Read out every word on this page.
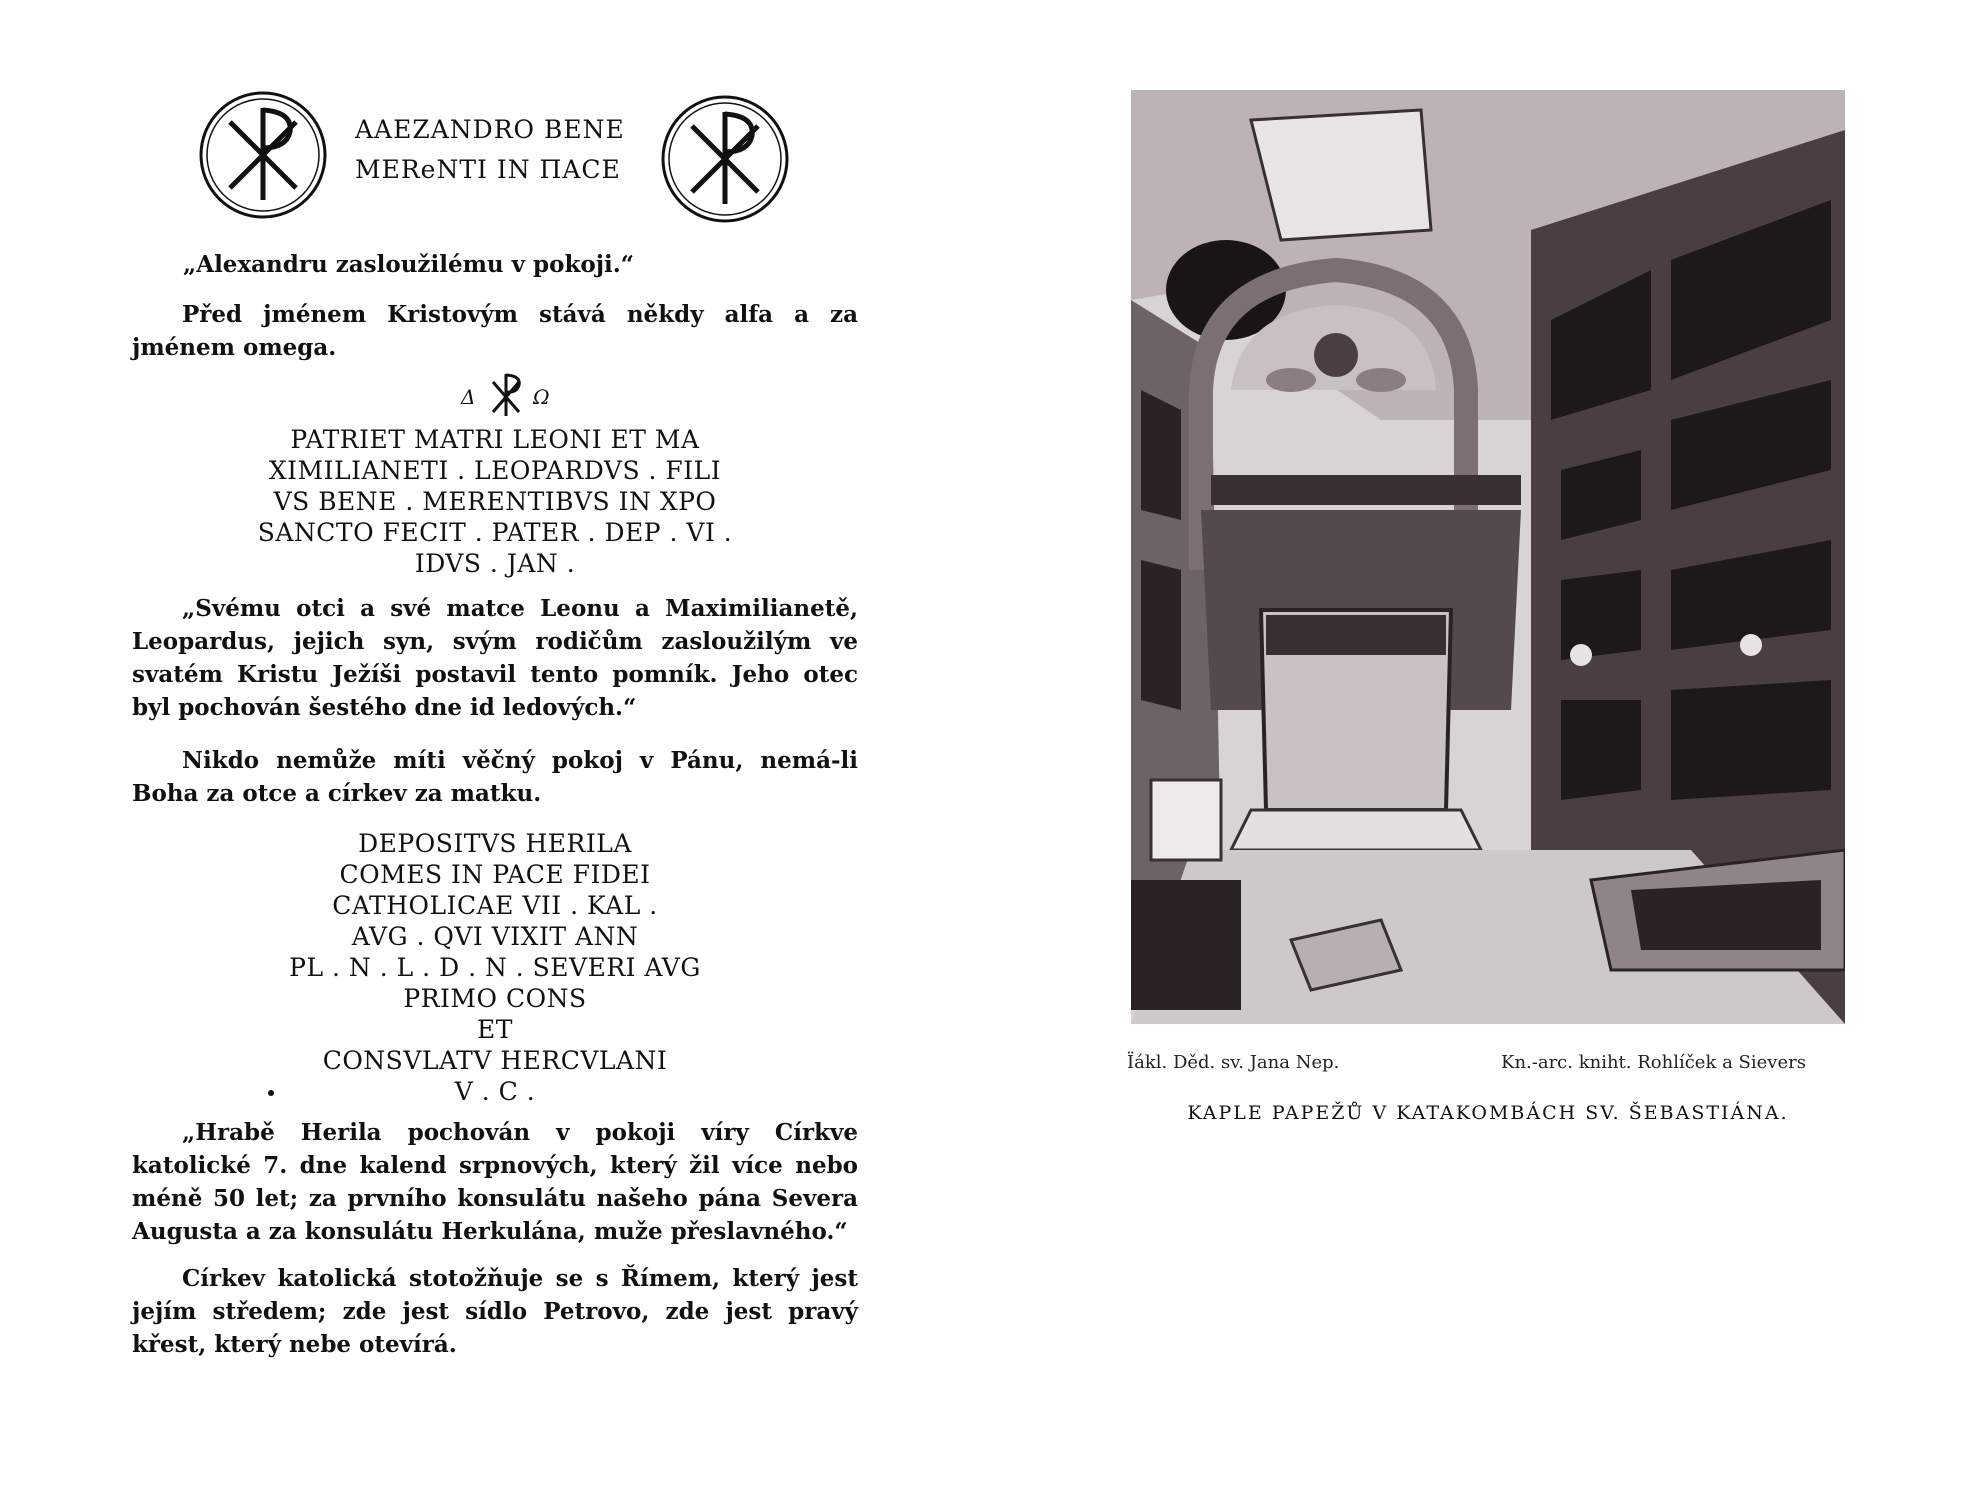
AAEZANDRO BENE
MEReNTI IN ΠACE
„Alexandru zasloužilému v pokoji.“
Před jménem Kristovým stává někdy alfa a za jménem omega.
Δ	Ω
PATRIET MATRI LEONI ET MA
XIMILIANETI . LEOPARDVS . FILI
VS BENE . MERENTIBVS IN XPO
SANCTO FECIT . PATER . DEP . VI .
IDVS . JAN .
„Svému otci a své matce Leonu a Maximilianetě, Leopardus, jejich syn, svým rodičům zasloužilým ve svatém Kristu Ježíši postavil tento pomník. Jeho otec byl pochován šestého dne id ledových.“
Nikdo nemůže míti věčný pokoj v Pánu, nemá-li Boha za otce a církev za matku.
DEPOSITVS HERILA
COMES IN PACE FIDEI
CATHOLICAE VII . KAL .
AVG . QVI VIXIT ANN
PL . N . L . D . N . SEVERI AVG
PRIMO CONS
ET
CONSVLATV HERCVLANI
V . C .
„Hrabě Herila pochován v pokoji víry Církve katolické 7. dne kalend srpnových, který žil více nebo méně 50 let; za prvního konsulátu našeho pána Severa Augusta a za konsulátu Herkulána, muže přeslavného.“
Církev katolická stotožňuje se s Římem, který jest jejím středem; zde jest sídlo Petrovo, zde jest pravý křest, který nebe otevírá.
Ïákl. Děd. sv. Jana Nep.	Kn.-arc. kniht. Rohlíček a Sievers
KAPLE PAPEŽŮ V KATAKOMBÁCH SV. ŠEBASTIÁNA.
